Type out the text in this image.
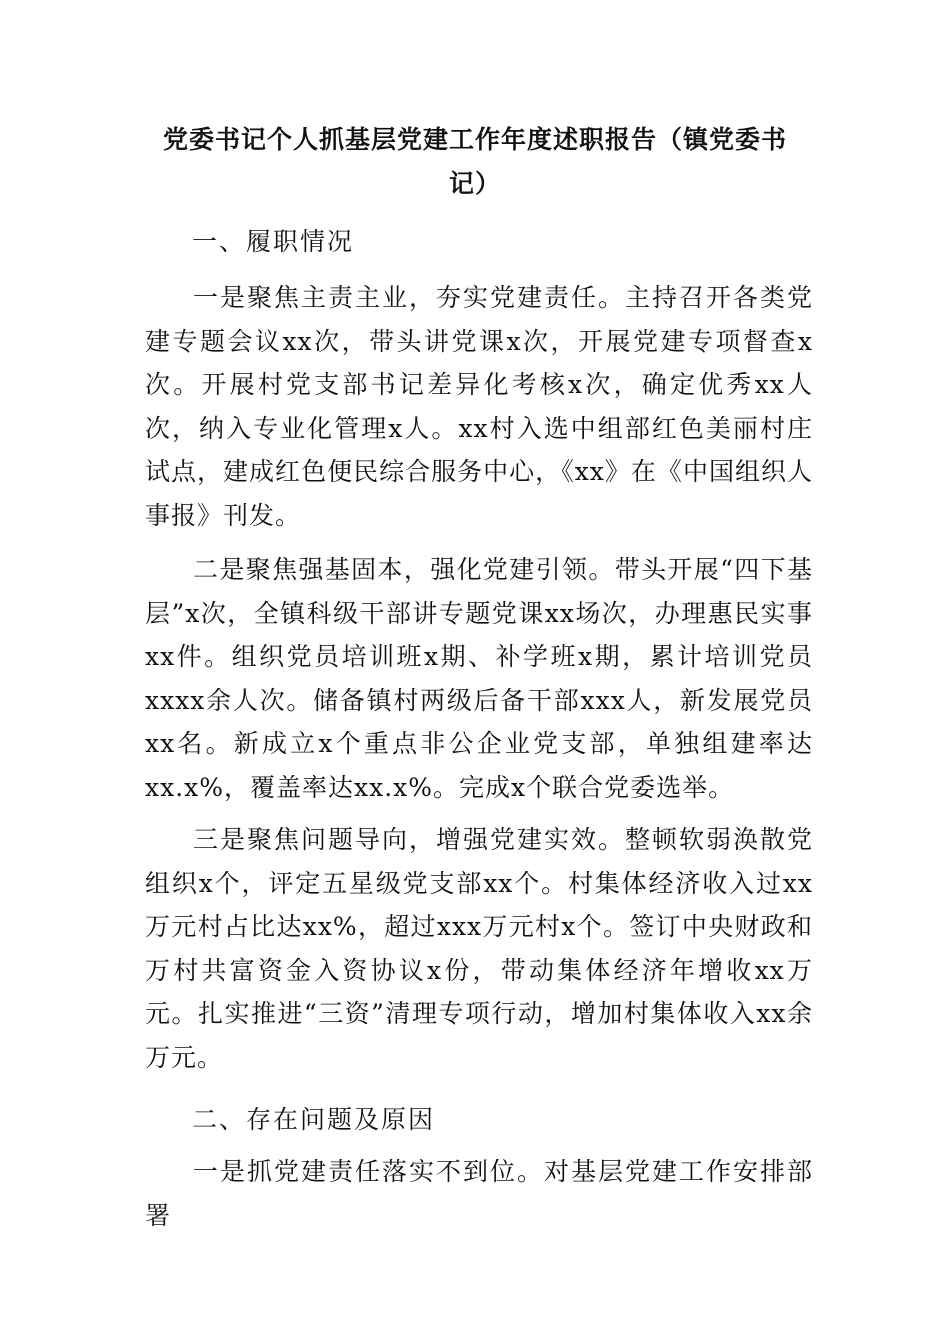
党委书记个人抓基层党建工作年度述职报告（镇党委书记）

一、履职情况

一是聚焦主责主业，夯实党建责任。主持召开各类党建专题会议xx次，带头讲党课x次，开展党建专项督查x次。开展村党支部书记差异化考核x次，确定优秀xx人次，纳入专业化管理x人。xx村入选中组部红色美丽村庄试点，建成红色便民综合服务中心，《xx》在《中国组织人事报》刊发。

二是聚焦强基固本，强化党建引领。带头开展“四下基层”x次，全镇科级干部讲专题党课xx场次，办理惠民实事xx件。组织党员培训班x期、补学班x期，累计培训党员xxxx余人次。储备镇村两级后备干部xxx人，新发展党员xx名。新成立x个重点非公企业党支部，单独组建率达xx.x%，覆盖率达xx.x%。完成x个联合党委选举。

三是聚焦问题导向，增强党建实效。整顿软弱涣散党组织x个，评定五星级党支部xx个。村集体经济收入过xx万元村占比达xx%，超过xxx万元村x个。签订中央财政和万村共富资金入资协议x份，带动集体经济年增收xx万元。扎实推进“三资”清理专项行动，增加村集体收入xx余万元。

二、存在问题及原因

一是抓党建责任落实不到位。对基层党建工作安排部署
